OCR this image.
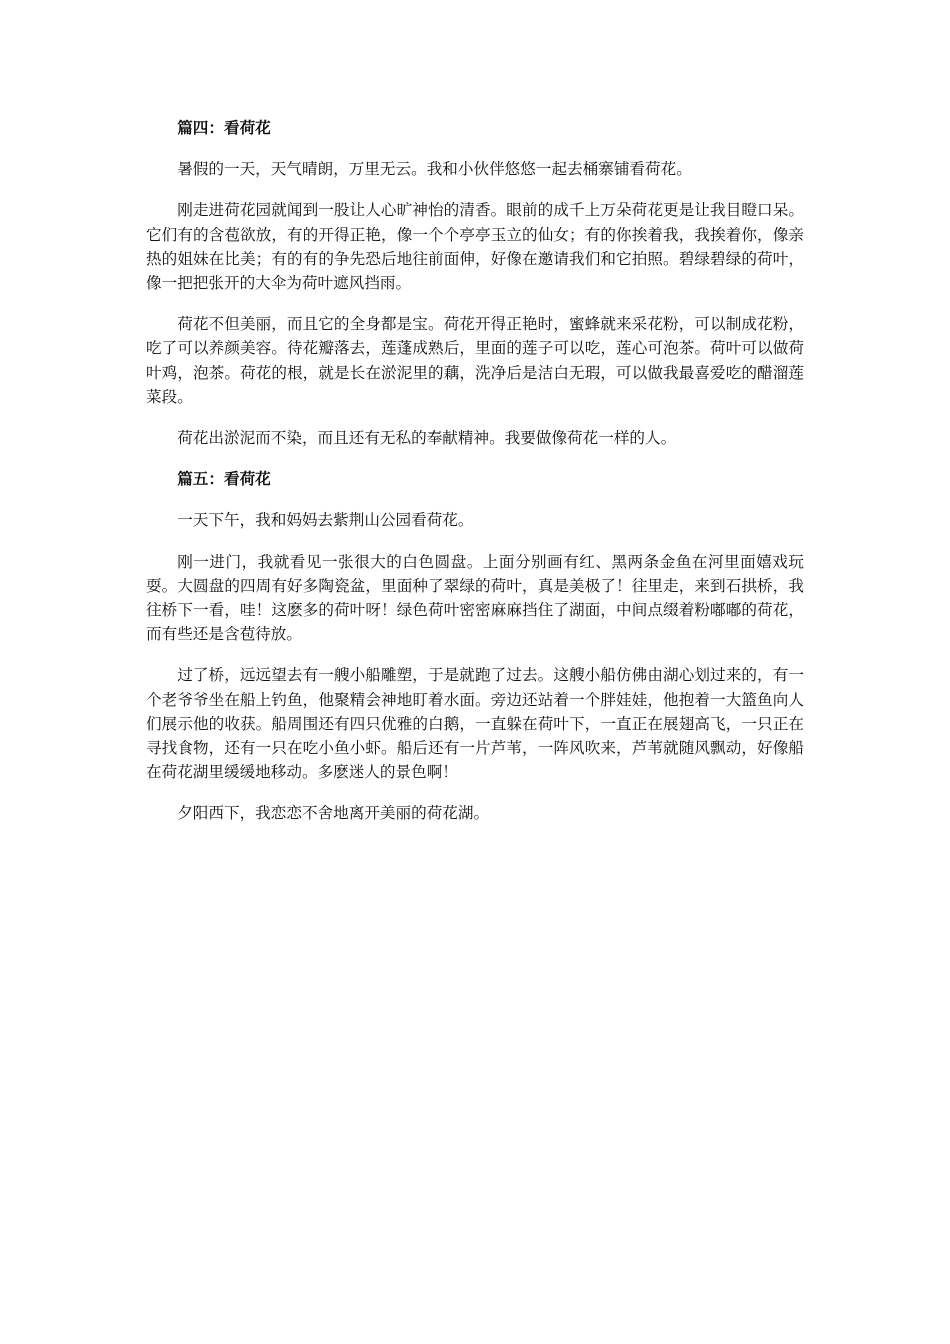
篇四：看荷花

暑假的一天，天气晴朗，万里无云。我和小伙伴悠悠一起去桶寨铺看荷花。

刚走进荷花园就闻到一股让人心旷神怡的清香。眼前的成千上万朵荷花更是让我目瞪口呆。它们有的含苞欲放，有的开得正艳，像一个个亭亭玉立的仙女；有的你挨着我，我挨着你，像亲热的姐妹在比美；有的有的争先恐后地往前面伸，好像在邀请我们和它拍照。碧绿碧绿的荷叶，像一把把张开的大伞为荷叶遮风挡雨。

荷花不但美丽，而且它的全身都是宝。荷花开得正艳时，蜜蜂就来采花粉，可以制成花粉，吃了可以养颜美容。待花瓣落去，莲蓬成熟后，里面的莲子可以吃，莲心可泡茶。荷叶可以做荷叶鸡，泡茶。荷花的根，就是长在淤泥里的藕，洗净后是洁白无瑕，可以做我最喜爱吃的醋溜莲菜段。

荷花出淤泥而不染，而且还有无私的奉献精神。我要做像荷花一样的人。

篇五：看荷花

一天下午，我和妈妈去紫荆山公园看荷花。

刚一进门，我就看见一张很大的白色圆盘。上面分别画有红、黑两条金鱼在河里面嬉戏玩耍。大圆盘的四周有好多陶瓷盆，里面种了翠绿的荷叶，真是美极了！往里走，来到石拱桥，我往桥下一看，哇！这麽多的荷叶呀！绿色荷叶密密麻麻挡住了湖面，中间点缀着粉嘟嘟的荷花，而有些还是含苞待放。

过了桥，远远望去有一艘小船雕塑，于是就跑了过去。这艘小船仿佛由湖心划过来的，有一个老爷爷坐在船上钓鱼，他聚精会神地盯着水面。旁边还站着一个胖娃娃，他抱着一大篮鱼向人们展示他的收获。船周围还有四只优雅的白鹅，一直躲在荷叶下，一直正在展翅高飞，一只正在寻找食物，还有一只在吃小鱼小虾。船后还有一片芦苇，一阵风吹来，芦苇就随风飘动，好像船在荷花湖里缓缓地移动。多麽迷人的景色啊！

夕阳西下，我恋恋不舍地离开美丽的荷花湖。
